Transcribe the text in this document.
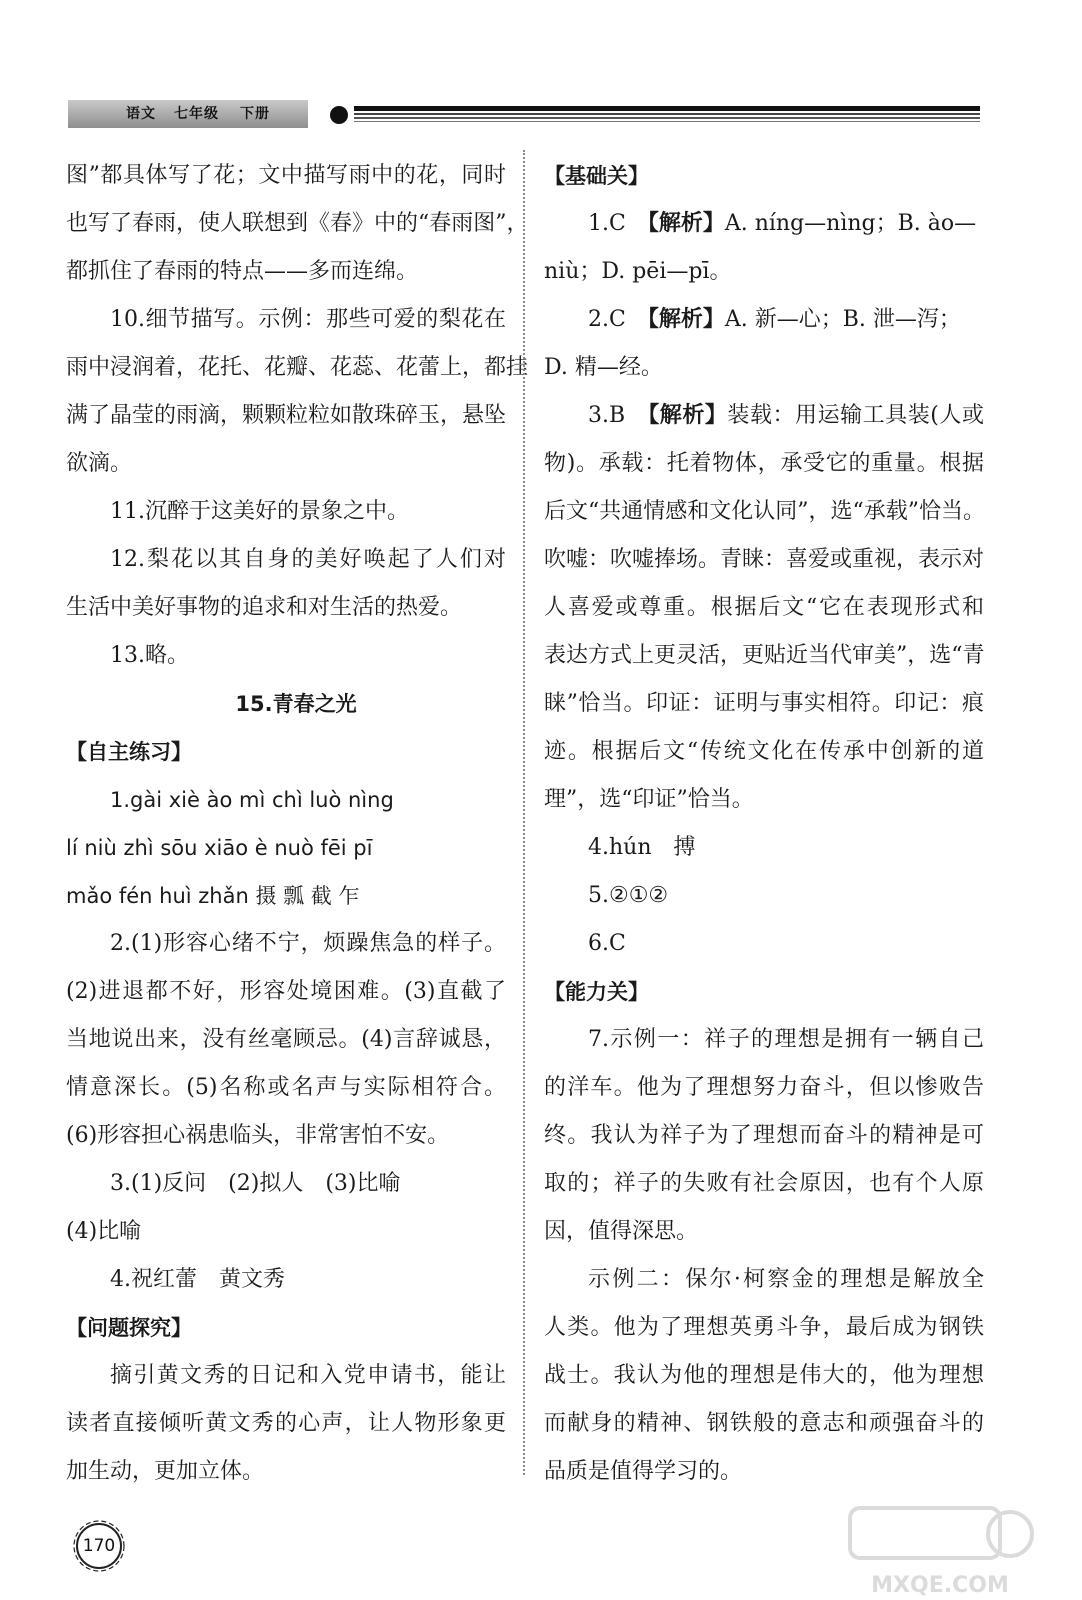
语文 七年级 下册

图”都具体写了花；文中描写雨中的花，同时

也写了春雨，使人联想到《春》中的“春雨图”，

都抓住了春雨的特点——多而连绵。

10.细节描写。示例：那些可爱的梨花在

雨中浸润着，花托、花瓣、花蕊、花蕾上，都挂

满了晶莹的雨滴，颗颗粒粒如散珠碎玉，悬坠

欲滴。

11.沉醉于这美好的景象之中。

12.梨花以其自身的美好唤起了人们对

生活中美好事物的追求和对生活的热爱。

13.略。

15.青春之光

【自主练习】

1.gài xiè ào mì chì luò nìng

lí niù zhì sōu xiāo è nuò fēi pī

mǎo fén huì zhǎn 摄 瓢 截 乍

2.(1)形容心绪不宁，烦躁焦急的样子。

(2)进退都不好，形容处境困难。(3)直截了

当地说出来，没有丝毫顾忌。(4)言辞诚恳，

情意深长。(5)名称或名声与实际相符合。

(6)形容担心祸患临头，非常害怕不安。

3.(1)反问　(2)拟人　(3)比喻

(4)比喻

4.祝红蕾　黄文秀

【问题探究】

摘引黄文秀的日记和入党申请书，能让

读者直接倾听黄文秀的心声，让人物形象更

加生动，更加立体。

【基础关】

1.C　【解析】A. níng—nìng；B. ào—

niù；D. pēi—pī。

2.C　【解析】A. 新—心；B. 泄—泻；

D. 精—经。

3.B　【解析】装载：用运输工具装(人或

物)。承载：托着物体，承受它的重量。根据

后文“共通情感和文化认同”，选“承载”恰当。

吹嘘：吹嘘捧场。青睐：喜爱或重视，表示对

人喜爱或尊重。根据后文“它在表现形式和

表达方式上更灵活，更贴近当代审美”，选“青

睐”恰当。印证：证明与事实相符。印记：痕

迹。根据后文“传统文化在传承中创新的道

理”，选“印证”恰当。

4.hún　搏

5.②①②

6.C

【能力关】

7.示例一：祥子的理想是拥有一辆自己

的洋车。他为了理想努力奋斗，但以惨败告

终。我认为祥子为了理想而奋斗的精神是可

取的；祥子的失败有社会原因，也有个人原

因，值得深思。

示例二：保尔·柯察金的理想是解放全

人类。他为了理想英勇斗争，最后成为钢铁

战士。我认为他的理想是伟大的，他为理想

而献身的精神、钢铁般的意志和顽强奋斗的

品质是值得学习的。

170
MXQE.COM
